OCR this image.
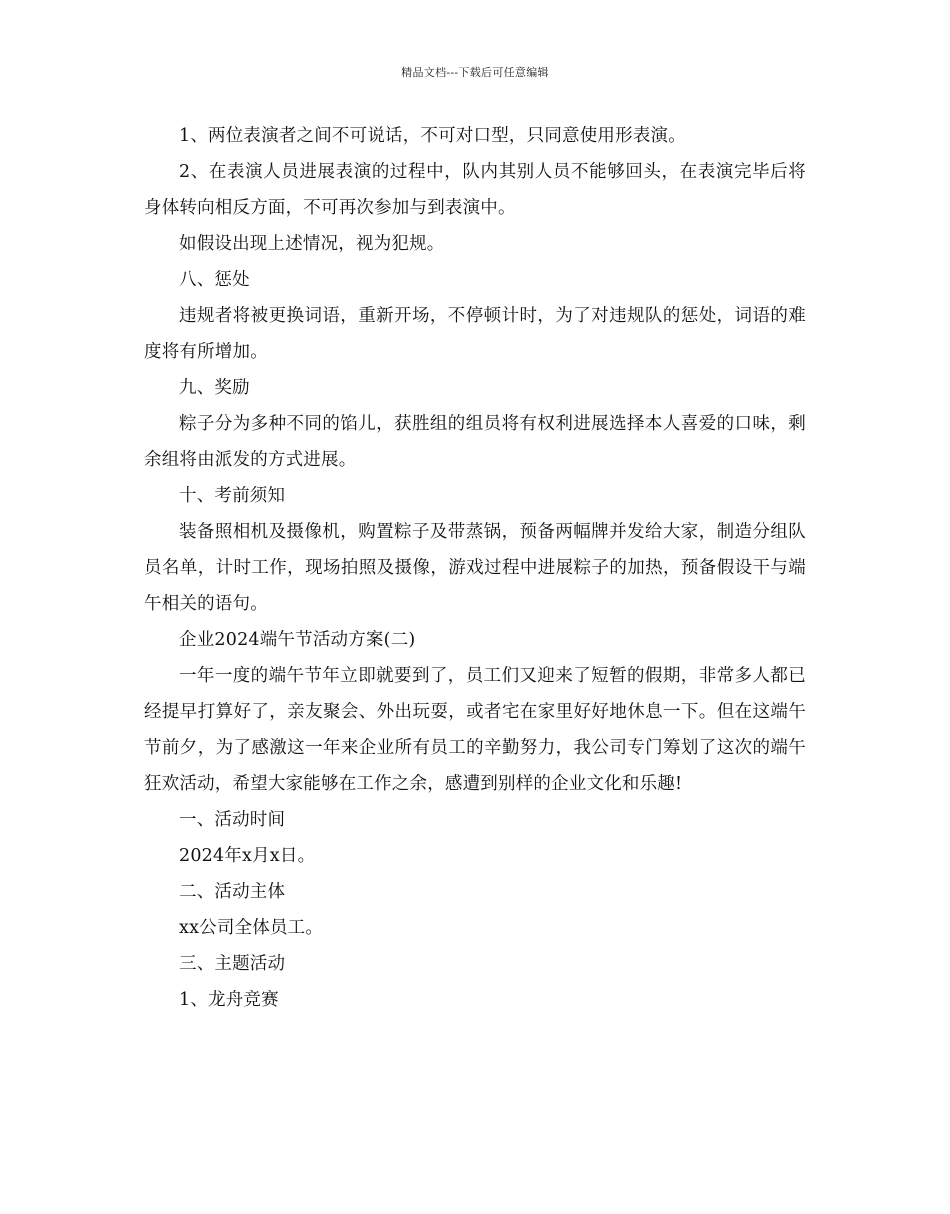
精品文档---下载后可任意编辑

1、两位表演者之间不可说话，不可对口型，只同意使用形表演。

2、在表演人员进展表演的过程中，队内其别人员不能够回头，在表演完毕后将身体转向相反方面，不可再次参加与到表演中。

如假设出现上述情况，视为犯规。

八、惩处

违规者将被更换词语，重新开场，不停顿计时，为了对违规队的惩处，词语的难度将有所增加。

九、奖励

粽子分为多种不同的馅儿，获胜组的组员将有权利进展选择本人喜爱的口味，剩余组将由派发的方式进展。

十、考前须知

装备照相机及摄像机，购置粽子及带蒸锅，预备两幅牌并发给大家，制造分组队员名单，计时工作，现场拍照及摄像，游戏过程中进展粽子的加热，预备假设干与端午相关的语句。

企业2024端午节活动方案(二)

一年一度的端午节年立即就要到了，员工们又迎来了短暂的假期，非常多人都已经提早打算好了，亲友聚会、外出玩耍，或者宅在家里好好地休息一下。但在这端午节前夕，为了感激这一年来企业所有员工的辛勤努力，我公司专门筹划了这次的端午狂欢活动，希望大家能够在工作之余，感遭到别样的企业文化和乐趣!

一、活动时间

2024年x月x日。

二、活动主体

xx公司全体员工。

三、主题活动

1、龙舟竞赛
